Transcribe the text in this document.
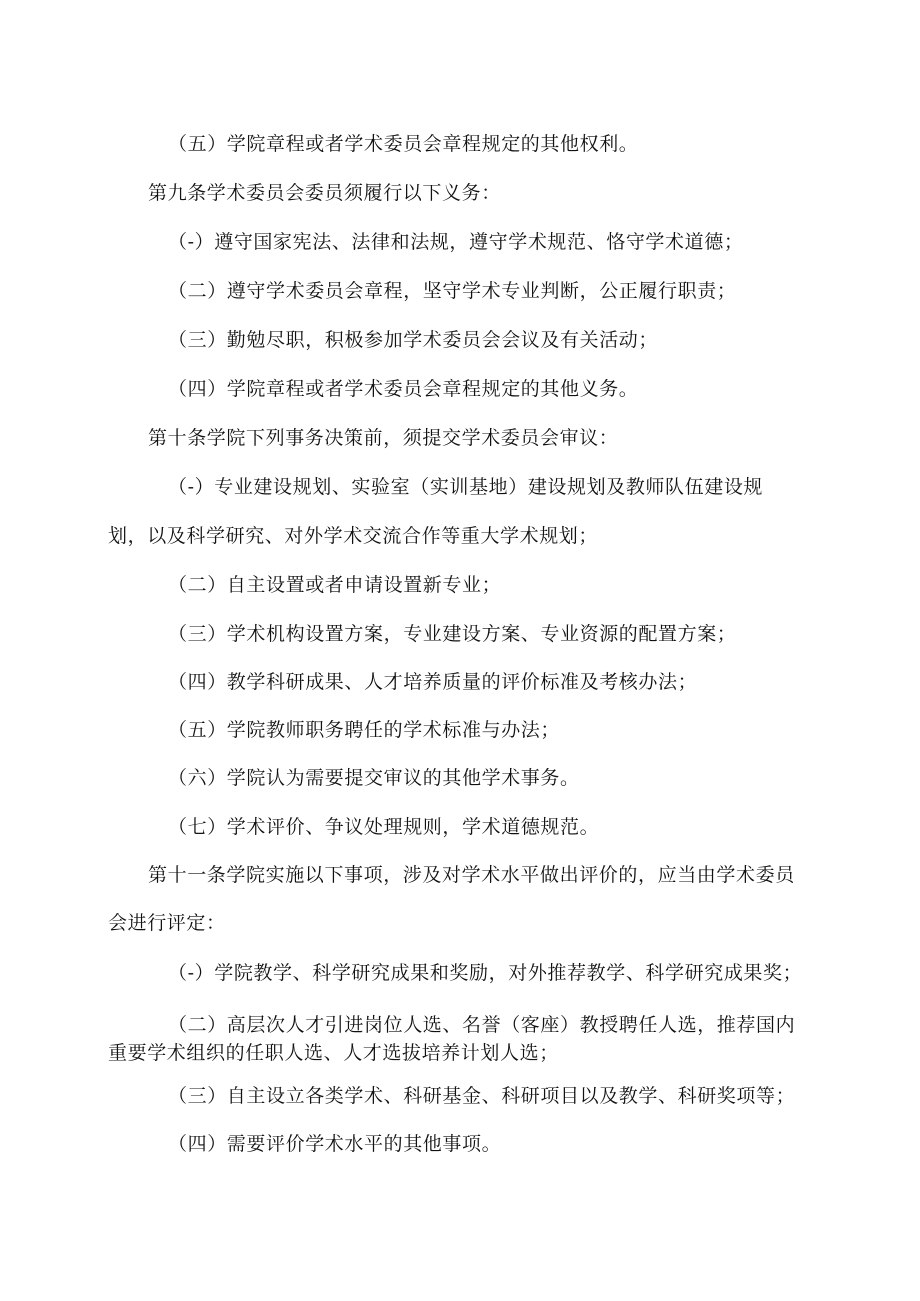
（五）学院章程或者学术委员会章程规定的其他权利。
第九条学术委员会委员须履行以下义务：
（-）遵守国家宪法、法律和法规，遵守学术规范、恪守学术道德；
（二）遵守学术委员会章程，坚守学术专业判断，公正履行职责；
（三）勤勉尽职，积极参加学术委员会会议及有关活动；
（四）学院章程或者学术委员会章程规定的其他义务。
第十条学院下列事务决策前，须提交学术委员会审议：
（-）专业建设规划、实验室（实训基地）建设规划及教师队伍建设规
划，以及科学研究、对外学术交流合作等重大学术规划；
（二）自主设置或者申请设置新专业；
（三）学术机构设置方案，专业建设方案、专业资源的配置方案；
（四）教学科研成果、人才培养质量的评价标准及考核办法；
（五）学院教师职务聘任的学术标准与办法；
（六）学院认为需要提交审议的其他学术事务。
（七）学术评价、争议处理规则，学术道德规范。
第十一条学院实施以下事项，涉及对学术水平做出评价的，应当由学术委员
会进行评定：
（-）学院教学、科学研究成果和奖励，对外推荐教学、科学研究成果奖；
（二）高层次人才引进岗位人选、名誉（客座）教授聘任人选，推荐国内
重要学术组织的任职人选、人才选拔培养计划人选；
（三）自主设立各类学术、科研基金、科研项目以及教学、科研奖项等；
（四）需要评价学术水平的其他事项。
